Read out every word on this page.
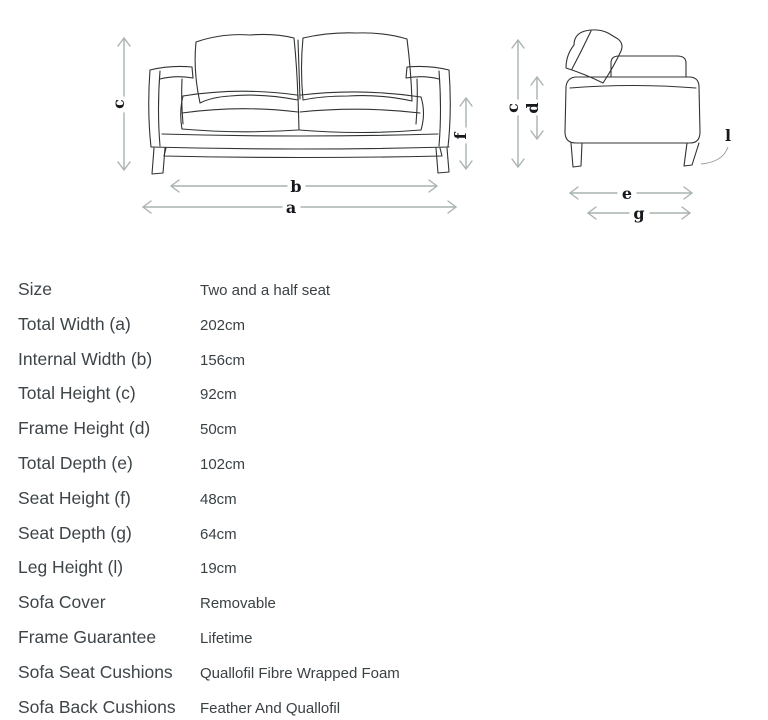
c
f
b
a
c d
e
g
l
Size	Two and a half seat
Total Width (a)	202cm
Internal Width (b)	156cm
Total Height (c)	92cm
Frame Height (d)	50cm
Total Depth (e)	102cm
Seat Height (f)	48cm
Seat Depth (g)	64cm
Leg Height (l)	19cm
Sofa Cover	Removable
Frame Guarantee	Lifetime
Sofa Seat Cushions	Quallofil Fibre Wrapped Foam
Sofa Back Cushions	Feather And Quallofil
